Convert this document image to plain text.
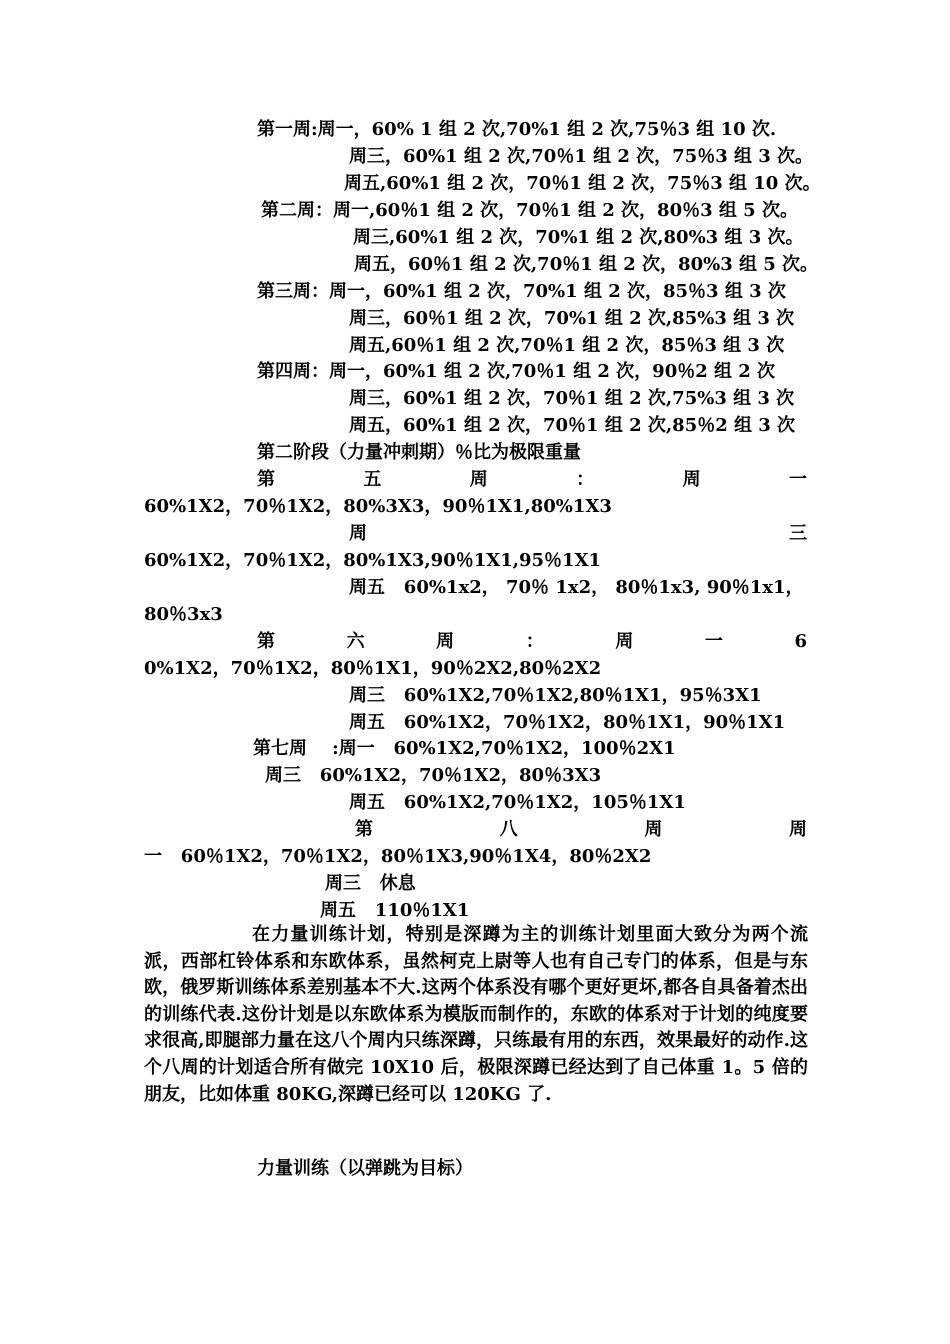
第一周:周一，60% 1 组 2 次,70%1 组 2 次,75％3 组 10 次.
周三，60%1 组 2 次,70％1 组 2 次，75％3 组 3 次。
周五,60%1 组 2 次，70％1 组 2 次，75％3 组 10 次。
第二周：周一,60％1 组 2 次，70％1 组 2 次，80％3 组 5 次。
周三,60%1 组 2 次，70%1 组 2 次,80%3 组 3 次。
周五，60％1 组 2 次,70％1 组 2 次，80%3 组 5 次。
第三周：周一，60%1 组 2 次，70%1 组 2 次，85％3 组 3 次
周三，60％1 组 2 次，70%1 组 2 次,85%3 组 3 次
周五,60％1 组 2 次,70％1 组 2 次，85％3 组 3 次
第四周：周一，60%1 组 2 次,70％1 组 2 次，90％2 组 2 次
周三，60%1 组 2 次，70％1 组 2 次,75%3 组 3 次
周五，60%1 组 2 次，70％1 组 2 次,85％2 组 3 次
第二阶段（力量冲刺期）％比为极限重量
第	五	周	：	周	一
60%1X2，70％1X2，80%3X3，90％1X1,80%1X3
周	三
60%1X2，70％1X2，80%1X3,90％1X1,95％1X1
周五   60%1x2， 70％ 1x2， 80％1x3, 90％1x1，
80％3x3
第	六	周	：	周	一	6
0%1X2，70％1X2，80％1X1，90％2X2,80％2X2
周三   60%1X2,70％1X2,80％1X1，95％3X1
周五   60%1X2，70％1X2，80％1X1，90％1X1
第七周    :周一   60%1X2,70％1X2，100％2X1
周三   60%1X2，70％1X2，80％3X3
周五   60%1X2,70％1X2，105％1X1
第	八	周	周
一   60％1X2，70％1X2，80％1X3,90％1X4，80％2X2
周三   休息
周五   110％1X1
在力量训练计划，特别是深蹲为主的训练计划里面大致分为两个流派，西部杠铃体系和东欧体系，虽然柯克上尉等人也有自己专门的体系，但是与东欧，俄罗斯训练体系差别基本不大.这两个体系没有哪个更好更坏,都各自具备着杰出的训练代表.这份计划是以东欧体系为模版而制作的，东欧的体系对于计划的纯度要求很高,即腿部力量在这八个周内只练深蹲，只练最有用的东西，效果最好的动作.这个八周的计划适合所有做完 10X10 后，极限深蹲已经达到了自己体重 1。5 倍的朋友，比如体重 80KG,深蹲已经可以 120KG 了.
力量训练（以弹跳为目标）
